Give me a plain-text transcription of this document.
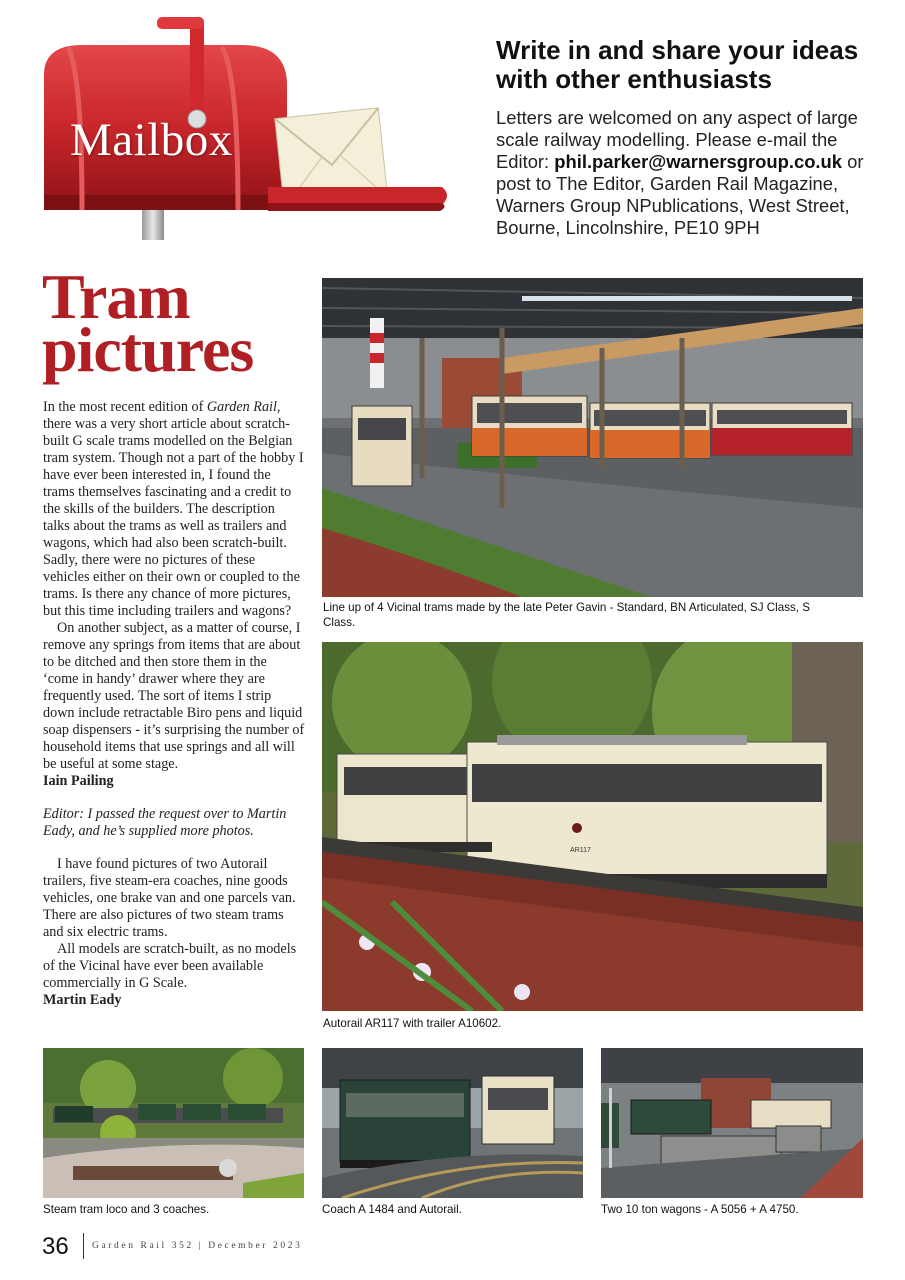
Mailbox
Write in and share your ideas with other enthusiasts
Letters are welcomed on any aspect of large scale railway modelling. Please e-mail the Editor: phil.parker@warnersgroup.co.uk or post to The Editor, Garden Rail Magazine, Warners Group NPublications, West Street, Bourne, Lincolnshire, PE10 9PH
Tram pictures

In the most recent edition of Garden Rail, there was a very short article about scratch-built G scale trams modelled on the Belgian tram system. Though not a part of the hobby I have ever been interested in, I found the trams themselves fascinating and a credit to the skills of the builders. The description talks about the trams as well as trailers and wagons, which had also been scratch-built. Sadly, there were no pictures of these vehicles either on their own or coupled to the trams. Is there any chance of more pictures, but this time including trailers and wagons?

On another subject, as a matter of course, I remove any springs from items that are about to be ditched and then store them in the ‘come in handy’ drawer where they are frequently used. The sort of items I strip down include retractable Biro pens and liquid soap dispensers - it’s surprising the number of household items that use springs and all will be useful at some stage.

Iain Pailing

Editor: I passed the request over to Martin Eady, and he’s supplied more photos.

I have found pictures of two Autorail trailers, five steam-era coaches, nine goods vehicles, one brake van and one parcels van. There are also pictures of two steam trams and six electric trams.

All models are scratch-built, as no models of the Vicinal have ever been available commercially in G Scale.

Martin Eady

Line up of 4 Vicinal trams made by the late Peter Gavin - Standard, BN Articulated, SJ Class, S Class.
AR117
Autorail AR117 with trailer A10602.
Steam tram loco and 3 coaches.	Coach A 1484 and Autorail.	Two 10 ton wagons - A 5056 + A 4750.
36 Garden Rail 352 | December 2023
